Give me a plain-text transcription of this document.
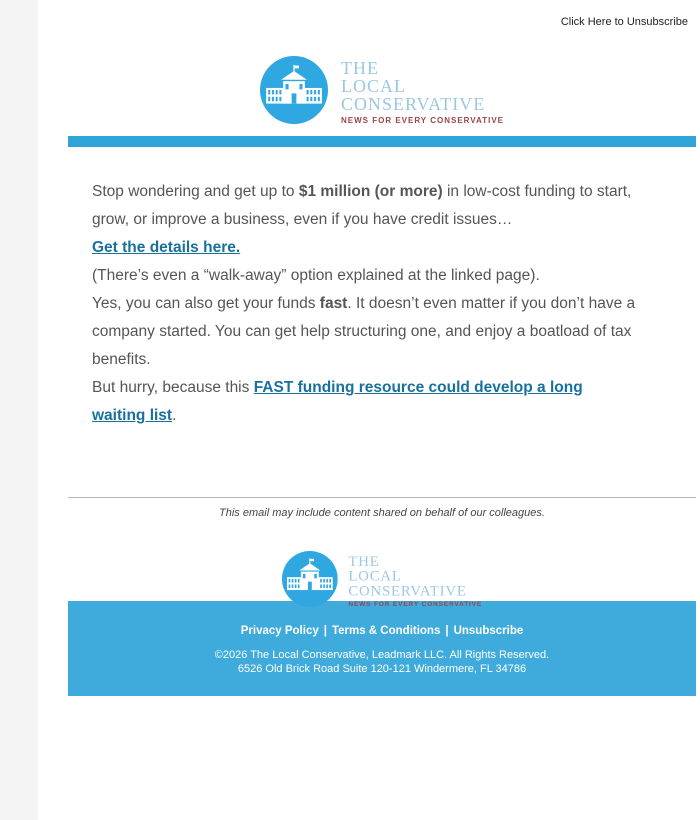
Click Here to Unsubscribe
THE
LOCAL
CONSERVATIVE
NEWS FOR EVERY CONSERVATIVE

Stop wondering and get up to $1 million (or more) in low-cost funding to start, grow, or improve a business, even if you have credit issues…

Get the details here.

(There’s even a “walk-away” option explained at the linked page).

Yes, you can also get your funds fast. It doesn’t even matter if you don’t have a company started. You can get help structuring one, and enjoy a boatload of tax benefits.

But hurry, because this FAST funding resource could develop a long
waiting list.

This email may include content shared on behalf of our colleagues.
THE
LOCAL
CONSERVATIVE
NEWS FOR EVERY CONSERVATIVE
Privacy Policy | Terms & Conditions | Unsubscribe
©2026 The Local Conservative, Leadmark LLC. All Rights Reserved.
6526 Old Brick Road Suite 120-121 Windermere, FL 34786
